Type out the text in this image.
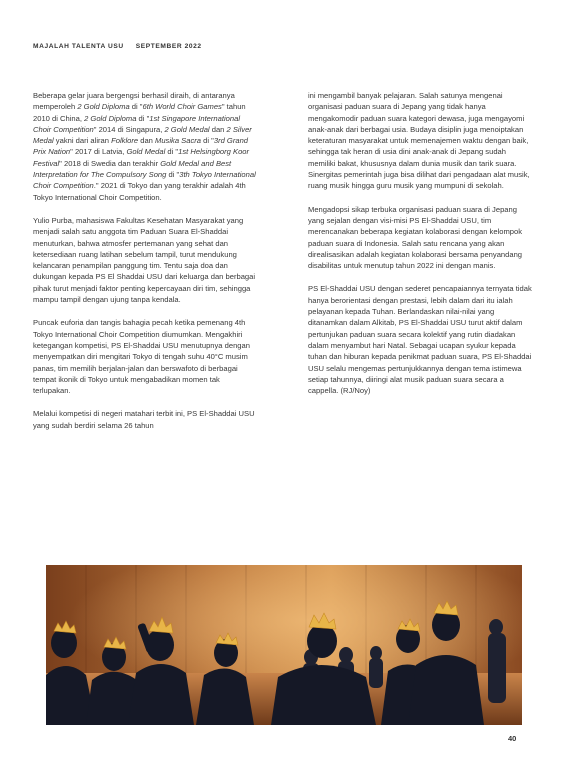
MAJALAH TALENTA USU SEPTEMBER 2022

Beberapa gelar juara bergengsi berhasil diraih, di antaranya memperoleh 2 Gold Diploma di "6th World Choir Games" tahun 2010 di China, 2 Gold Diploma di "1st Singapore International Choir Competition" 2014 di Singapura, 2 Gold Medal dan 2 Silver Medal yakni dari aliran Folklore dan Musika Sacra di "3rd Grand Prix Nation" 2017 di Latvia, Gold Medal di "1st Helsingborg Koor Festival" 2018 di Swedia dan terakhir Gold Medal and Best Interpretation for The Compulsory Song di "3th Tokyo International Choir Competition." 2021 di Tokyo dan yang terakhir adalah 4th Tokyo International Choir Competition.

Yulio Purba, mahasiswa Fakultas Kesehatan Masyarakat yang menjadi salah satu anggota tim Paduan Suara El-Shaddai menuturkan, bahwa atmosfer pertemanan yang sehat dan ketersediaan ruang latihan sebelum tampil, turut mendukung kelancaran penampilan panggung tim. Tentu saja doa dan dukungan kepada PS El Shaddai USU dari keluarga dan berbagai pihak turut menjadi faktor penting kepercayaan diri tim, sehingga mampu tampil dengan ujung tanpa kendala.

Puncak euforia dan tangis bahagia pecah ketika pemenang 4th Tokyo International Choir Competition diumumkan. Mengakhiri ketegangan kompetisi, PS El-Shaddai USU menutupnya dengan menyempatkan diri mengitari Tokyo di tengah suhu 40°C musim panas, tim memilih berjalan-jalan dan berswafoto di berbagai tempat ikonik di Tokyo untuk mengabadikan momen tak terlupakan.

Melalui kompetisi di negeri matahari terbit ini, PS El-Shaddai USU yang sudah berdiri selama 26 tahun

ini mengambil banyak pelajaran. Salah satunya mengenai organisasi paduan suara di Jepang yang tidak hanya mengakomodir paduan suara kategori dewasa, juga mengayomi anak-anak dari berbagai usia. Budaya disiplin juga menoiptakan keteraturan masyarakat untuk memenajemen waktu dengan baik, sehingga tak heran di usia dini anak-anak di Jepang sudah memiliki bakat, khususnya dalam dunia musik dan tarik suara. Sinergitas pemerintah juga bisa dilihat dari pengadaan alat musik, ruang musik hingga guru musik yang mumpuni di sekolah.

Mengadopsi sikap terbuka organisasi paduan suara di Jepang yang sejalan dengan visi-misi PS El-Shaddai USU, tim merencanakan beberapa kegiatan kolaborasi dengan kelompok paduan suara di Indonesia. Salah satu rencana yang akan direalisasikan adalah kegiatan kolaborasi bersama penyandang disabilitas untuk menutup tahun 2022 ini dengan manis.

PS El-Shaddai USU dengan sederet pencapaiannya ternyata tidak hanya berorientasi dengan prestasi, lebih dalam dari itu ialah pelayanan kepada Tuhan. Berlandaskan nilai-nilai yang ditanamkan dalam Alkitab, PS El-Shaddai USU turut aktif dalam pertunjukan paduan suara secara kolektif yang rutin diadakan dalam menyambut hari Natal. Sebagai ucapan syukur kepada tuhan dan hiburan kepada penikmat paduan suara, PS El-Shaddai USU selalu mengemas pertunjukkannya dengan tema istimewa setiap tahunnya, diiringi alat musik paduan suara secara a cappella. (RJ/Noy)

40
